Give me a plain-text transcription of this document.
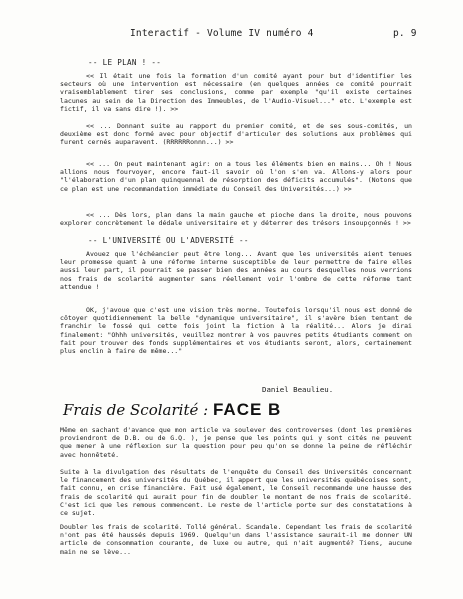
Interactif - Volume IV numéro 4	p. 9
-- LE PLAN ! --
<< Il était une fois la formation d'un comité ayant pour but d'identifier les secteurs où une intervention est nécessaire (en quelques années ce comité pourrait vraisemblablement tirer ses conclusions, comme par exemple "qu'il existe certaines lacunes au sein de la Direction des Immeubles, de l'Audio-Visuel..." etc. L'exemple est fictif, il va sans dire !). >>
<< ... Donnant suite au rapport du premier comité, et de ses sous-comités, un deuxième est donc formé avec pour objectif d'articuler des solutions aux problèmes qui furent cernés auparavent. (RRRRRRonnn...) >>
<< ... On peut maintenant agir: on a tous les éléments bien en mains... Oh ! Nous allions nous fourvoyer, encore faut-il savoir où l'on s'en va. Allons-y alors pour "l'élaboration d'un plan quinquennal de résorption des déficits accumulés". (Notons que ce plan est une recommandation immédiate du Conseil des Universités...) >>
<< ... Dès lors, plan dans la main gauche et pioche dans la droite, nous pouvons explorer concrètement le dédale universitaire et y déterrer des trésors insoupçonnés ! >>
-- L'UNIVERSITÉ OU L'ADVERSITÉ --
Avouez que l'échéancier peut être long... Avant que les universités aient tenues leur promesse quant à une réforme interne susceptible de leur permettre de faire elles aussi leur part, il pourrait se passer bien des années au cours desquelles nous verrions nos frais de scolarité augmenter sans réellement voir l'ombre de cette réforme tant attendue !
OK, j'avoue que c'est une vision très morne. Toutefois lorsqu'il nous est donné de côtoyer quotidiennement la belle "dynamique universitaire", il s'avère bien tentant de franchir le fossé qui cette fois joint la fiction à la réalité... Alors je dirai finalement: "Ohhh universités, veuillez montrer à vos pauvres petits étudiants comment on fait pour trouver des fonds supplémentaires et vos étudiants seront, alors, certainement plus enclin à faire de même..."
Daniel Beaulieu.
Frais de Scolarité : FACE B
Même en sachant d'avance que mon article va soulever des controverses (dont les premières proviendront de D.B. ou de G.Q. ), je pense que les points qui y sont cités ne peuvent que mener à une réflexion sur la question pour peu qu'on se donne la peine de réfléchir avec honnêteté.
Suite à la divulgation des résultats de l'enquête du Conseil des Universités concernant le financement des universités du Québec, il appert que les universités québécoises sont, fait connu, en crise financière. Fait usé également, le Conseil recommande une hausse des frais de scolarité qui aurait pour fin de doubler le montant de nos frais de scolarité. C'est ici que les remous commencent. Le reste de l'article porte sur des constatations à ce sujet.
Doubler les frais de scolarité. Tollé général. Scandale. Cependant les frais de scolarité n'ont pas été haussés depuis 1969. Quelqu'un dans l'assistance saurait-il me donner UN article de consommation courante, de luxe ou autre, qui n'ait augmenté? Tiens, aucune main ne se lève...
